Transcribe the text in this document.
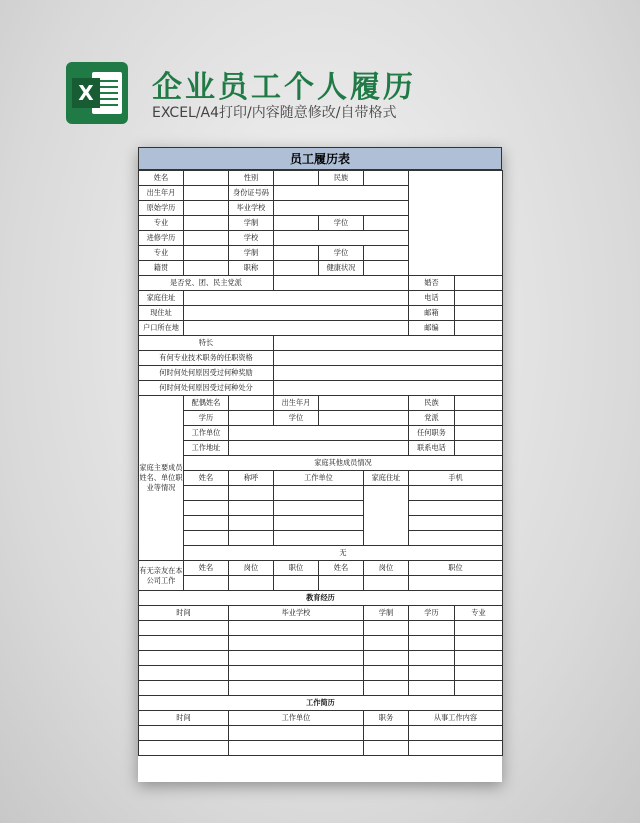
X 企业员工个人履历
EXCEL/A4打印/内容随意修改/自带格式
员工履历表
姓名		性别		民族			
出生年月		身份证号码					
原始学历		毕业学校					
专业		学制		学位			
进修学历		学校					
专业		学制		学位			
籍贯		职称		健康状况			
是否党、团、民主党派						婚否	
家庭住址						电话	
现住址						邮箱	
户口所在地						邮编	
特长							
有何专业技术职务的任职资格							
何时何处何原因受过何种奖励							
何时何处何原因受过何种处分							
家庭主要成员姓名、单位职业等情况	配偶姓名		出生年月			民族	
	学历		学位			党派	
	工作单位					任何职务	
	工作地址					联系电话	
	家庭其他成员情况						
	姓名	称呼	工作单位		家庭住址	手机	

	无						
有无亲友在本公司工作	姓名	岗位	职位	姓名	岗位	职位	

教育经历							
时间		毕业学校			学制	学历	专业

工作简历							
时间		工作单位			职务	从事工作内容	
